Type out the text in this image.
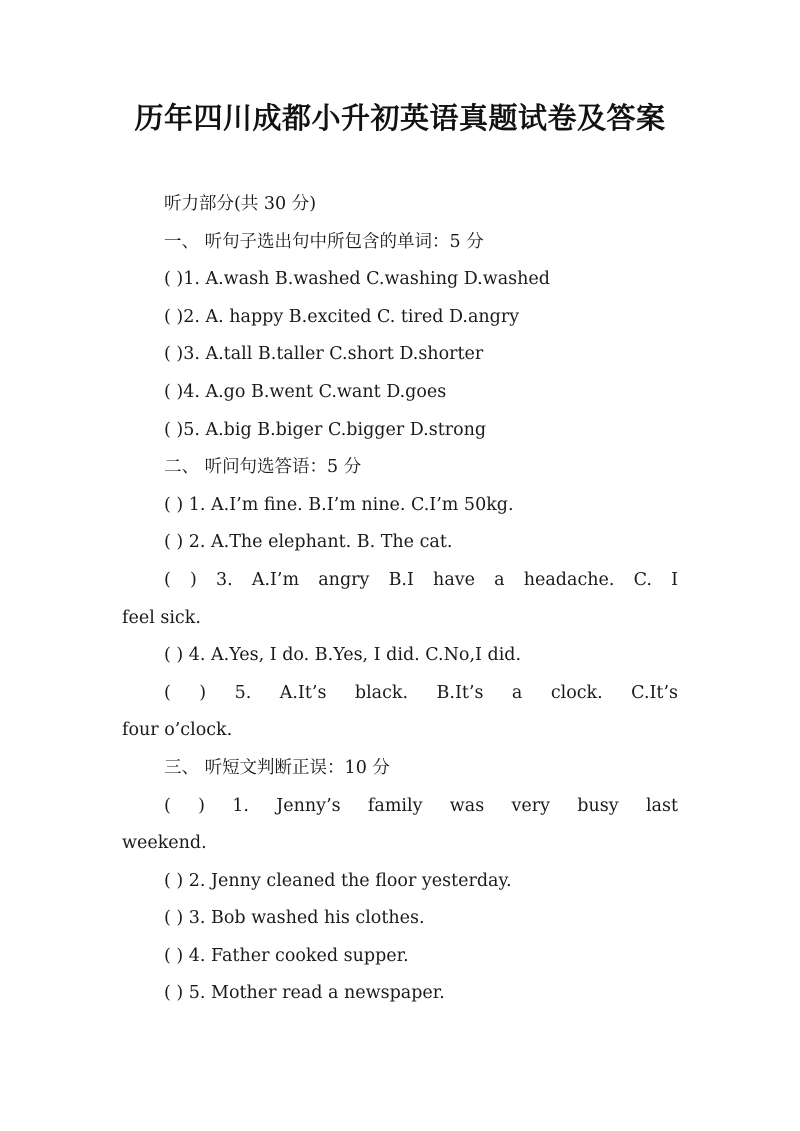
历年四川成都小升初英语真题试卷及答案

听力部分(共 30 分)

一、 听句子选出句中所包含的单词：5 分

( )1. A.wash B.washed C.washing D.washed

( )2. A. happy B.excited C. tired D.angry

( )3. A.tall B.taller C.short D.shorter

( )4. A.go B.went C.want D.goes

( )5. A.big B.biger C.bigger D.strong

二、 听问句选答语：5 分

( ) 1. A.I’m fine. B.I’m nine. C.I’m 50kg.

( ) 2. A.The elephant. B. The cat.

( ) 3. A.I’m angry B.I have a headache. C. I

feel sick.

( ) 4. A.Yes, I do. B.Yes, I did. C.No,I did.

( ) 5. A.It’s black. B.It’s a clock. C.It’s

four o’clock.

三、 听短文判断正误：10 分

( ) 1. Jenny’s family was very busy last

weekend.

( ) 2. Jenny cleaned the floor yesterday.

( ) 3. Bob washed his clothes.

( ) 4. Father cooked supper.

( ) 5. Mother read a newspaper.
